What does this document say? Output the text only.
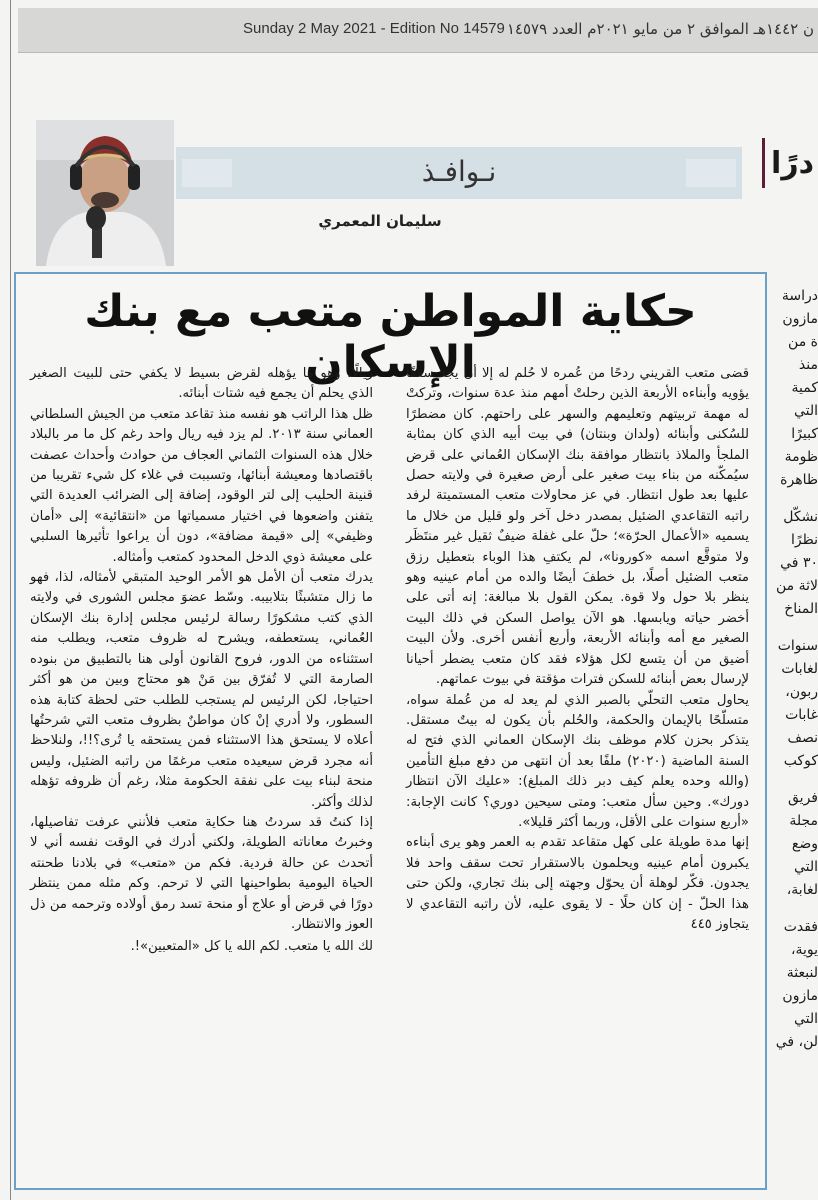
Sunday 2 May 2021 - Edition No 14579 ن ١٤٤٢هـ الموافق ٢ من مايو ٢٠٢١م العدد ١٤٥٧٩
درًا
دراسة
مازون
ة من
منذ
كمية
التي
كبيرًا
ظومة
ظاهرة
نشكّل
نظرًا
٣٠ في
لاثة من
المناخ
سنوات
لغابات
ربون،
غابات
نصف
كوكب
فريق
مجلة
وضع
التي
لغابة،
فقدت
يوية،
لنبعثة
مازون
التي
لن، في
نـوافـذ
سليمان المعمري
حكاية المواطن متعب مع بنك الإسكان

قضى متعب القريني ردحًا من عُمره لا حُلم له إلا أن يجد سقفًا يؤويه وأبناءه الأربعة الذين رحلتْ أمهم منذ عدة سنوات، وتركتْ له مهمة تربيتهم وتعليمهم والسهر على راحتهم. كان مضطرًا للسُكنى وأبنائه (ولدان وبنتان) في بيت أبيه الذي كان بمثابة الملجأ والملاذ بانتظار موافقة بنك الإسكان العُماني على قرض سيُمكّنه من بناء بيت صغير على أرض صغيرة في ولايته حصل عليها بعد طول انتظار. في عز محاولات متعب المستميتة لرفد راتبه التقاعدي الضئيل بمصدر دخل آخر ولو قليل من خلال ما يسميه «الأعمال الحرّة»؛ حلّ على غفلة ضيفٌ ثقيل غير منتَظَر ولا متوقَّع اسمه «كورونا»، لم يكتفِ هذا الوباء بتعطيل رزق متعب الضئيل أصلًا، بل خطفَ أيضًا والده من أمام عينيه وهو ينظر بلا حول ولا قوة. يمكن القول بلا مبالغة: إنه أتى على أخضر حياته ويابسها. هو الآن يواصل السكن في ذلك البيت الصغير مع أمه وأبنائه الأربعة، وأربع أنفس أخرى. ولأن البيت أضيق من أن يتسع لكل هؤلاء فقد كان متعب يضطر أحيانا لإرسال بعض أبنائه للسكن فترات مؤقتة في بيوت عماتهم.

يحاول متعب التحلّي بالصبر الذي لم يعد له من عُملة سواه، متسلّحًا بالإيمان والحكمة، والحُلم بأن يكون له بيتٌ مستقل. يتذكر بحزن كلام موظف بنك الإسكان العماني الذي فتح له السنة الماضية (٢٠٢٠) ملفًا بعد أن انتهى من دفع مبلغ التأمين (والله وحده يعلم كيف دبر ذلك المبلغ): «عليك الآن انتظار دورك». وحين سأل متعب: ومتى سيحين دوري؟ كانت الإجابة: «أربع سنوات على الأقل، وربما أكثر قليلا».

إنها مدة طويلة على كهل متقاعد تقدم به العمر وهو يرى أبناءه يكبرون أمام عينيه ويحلمون بالاستقرار تحت سقف واحد فلا يجدون. فكّر لوهلة أن يحوّل وجهته إلى بنك تجاري، ولكن حتى هذا الحلّ - إن كان حلًا - لا يقوى عليه، لأن راتبه التقاعدي لا يتجاوز ٤٤٥

ريالًا، وهو ما يؤهله لقرض بسيط لا يكفي حتى للبيت الصغير الذي يحلم أن يجمع فيه شتات أبنائه.

ظل هذا الراتب هو نفسه منذ تقاعد متعب من الجيش السلطاني العماني سنة ٢٠١٣. لم يزد فيه ريال واحد رغم كل ما مر بالبلاد خلال هذه السنوات الثماني العجاف من حوادث وأحداث عصفت باقتصادها ومعيشة أبنائها، وتسببت في غلاء كل شيء تقريبا من قنينة الحليب إلى لتر الوقود، إضافة إلى الضرائب العديدة التي يتفنن واضعوها في اختيار مسمياتها من «انتقائية» إلى «أمان وظيفي» إلى «قيمة مضافة»، دون أن يراعوا تأثيرها السلبي على معيشة ذوي الدخل المحدود كمتعب وأمثاله.

يدرك متعب أن الأمل هو الأمر الوحيد المتبقي لأمثاله، لذا، فهو ما زال متشبثًا بتلابيبه. وسّط عضوَ مجلس الشورى في ولايته الذي كتب مشكورًا رسالة لرئيس مجلس إدارة بنك الإسكان العُماني، يستعطفه، ويشرح له ظروف متعب، ويطلب منه استثناءه من الدور، فروح القانون أولى هنا بالتطبيق من بنوده الصارمة التي لا تُفرّق بين مَنْ هو محتاج وبين من هو أكثر احتياجا، لكن الرئيس لم يستجب للطلب حتى لحظة كتابة هذه السطور، ولا أدري إنْ كان مواطنٌ بظروف متعب التي شرحتُها أعلاه لا يستحق هذا الاستثناء فمن يستحقه يا تُرى؟!!، ولنلاحظ أنه مجرد قرض سيعيده متعب مرغمًا من راتبه الضئيل، وليس منحة لبناء بيت على نفقة الحكومة مثلا، رغم أن ظروفه تؤهله لذلك وأكثر.

إذا كنتُ قد سردتُ هنا حكاية متعب فلأنني عرفت تفاصيلها، وخبرتُ معاناته الطويلة، ولكني أدرك في الوقت نفسه أني لا أتحدث عن حالة فردية. فكم من «متعب» في بلادنا طحنته الحياة اليومية بطواحينها التي لا ترحم. وكم مثله ممن ينتظر دورًا في قرض أو علاج أو منحة تسد رمق أولاده وترحمه من ذل العوز والانتظار.

لك الله يا متعب. لكم الله يا كل «المتعبين»!.
